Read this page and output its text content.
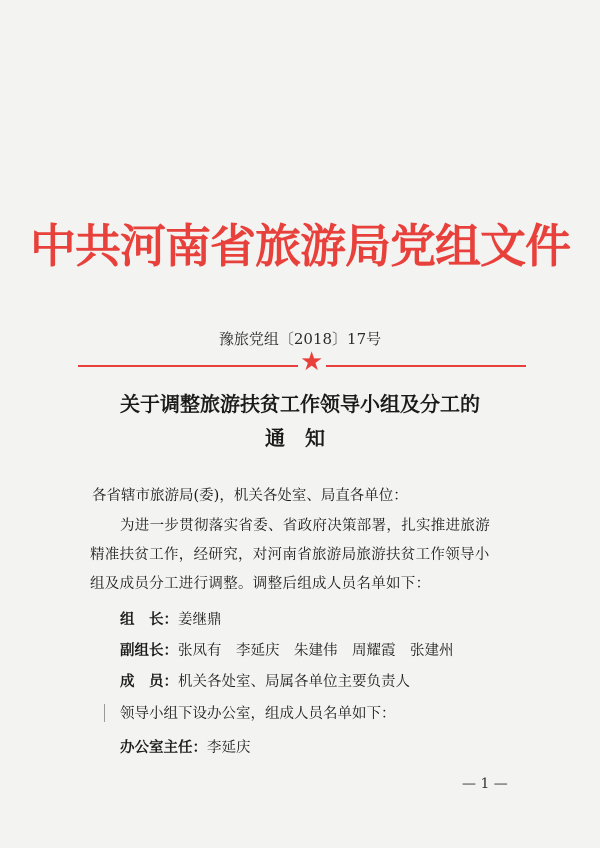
中共河南省旅游局党组文件
豫旅党组〔2018〕17号
★
关于调整旅游扶贫工作领导小组及分工的
通知
各省辖市旅游局(委)，机关各处室、局直各单位：
为进一步贯彻落实省委、省政府决策部署，扎实推进旅游精准扶贫工作，经研究，对河南省旅游局旅游扶贫工作领导小组及成员分工进行调整。调整后组成人员名单如下：
组　长：姜继鼎
副组长：张凤有　李延庆　朱建伟　周耀霞　张建州
成　员：机关各处室、局属各单位主要负责人
领导小组下设办公室，组成人员名单如下：
办公室主任：李延庆
— 1 —
